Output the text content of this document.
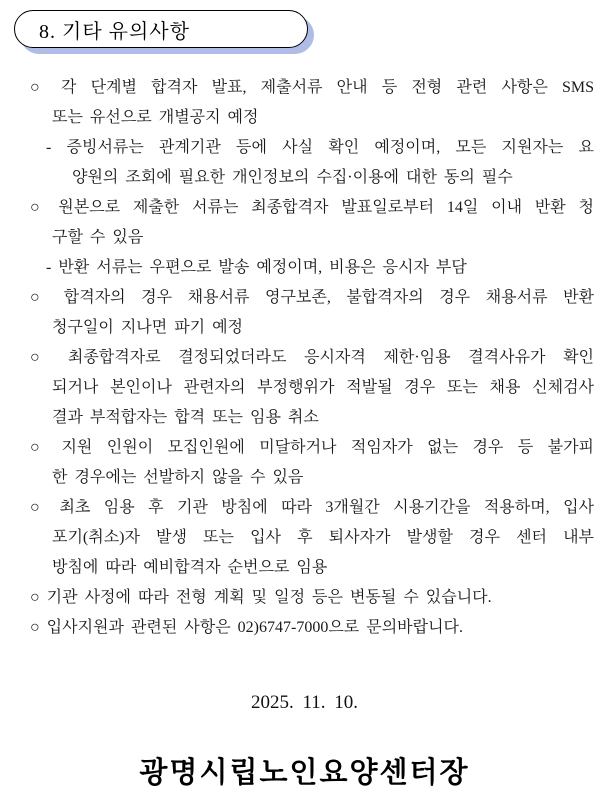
8. 기타 유의사항
○ 각 단계별 합격자 발표, 제출서류 안내 등 전형 관련 사항은 SMS
또는 유선으로 개별공지 예정
- 증빙서류는 관계기관 등에 사실 확인 예정이며, 모든 지원자는 요
양원의 조회에 필요한 개인정보의 수집·이용에 대한 동의 필수
○ 원본으로 제출한 서류는 최종합격자 발표일로부터 14일 이내 반환 청
구할 수 있음
- 반환 서류는 우편으로 발송 예정이며, 비용은 응시자 부담
○ 합격자의 경우 채용서류 영구보존, 불합격자의 경우 채용서류 반환
청구일이 지나면 파기 예정
○ 최종합격자로 결정되었더라도 응시자격 제한·임용 결격사유가 확인
되거나 본인이나 관련자의 부정행위가 적발될 경우 또는 채용 신체검사
결과 부적합자는 합격 또는 임용 취소
○ 지원 인원이 모집인원에 미달하거나 적임자가 없는 경우 등 불가피
한 경우에는 선발하지 않을 수 있음
○ 최초 임용 후 기관 방침에 따라 3개월간 시용기간을 적용하며, 입사
포기(취소)자 발생 또는 입사 후 퇴사자가 발생할 경우 센터 내부
방침에 따라 예비합격자 순번으로 임용
○ 기관 사정에 따라 전형 계획 및 일정 등은 변동될 수 있습니다.
○ 입사지원과 관련된 사항은 02)6747-7000으로 문의바랍니다.
2025. 11. 10.
광명시립노인요양센터장
